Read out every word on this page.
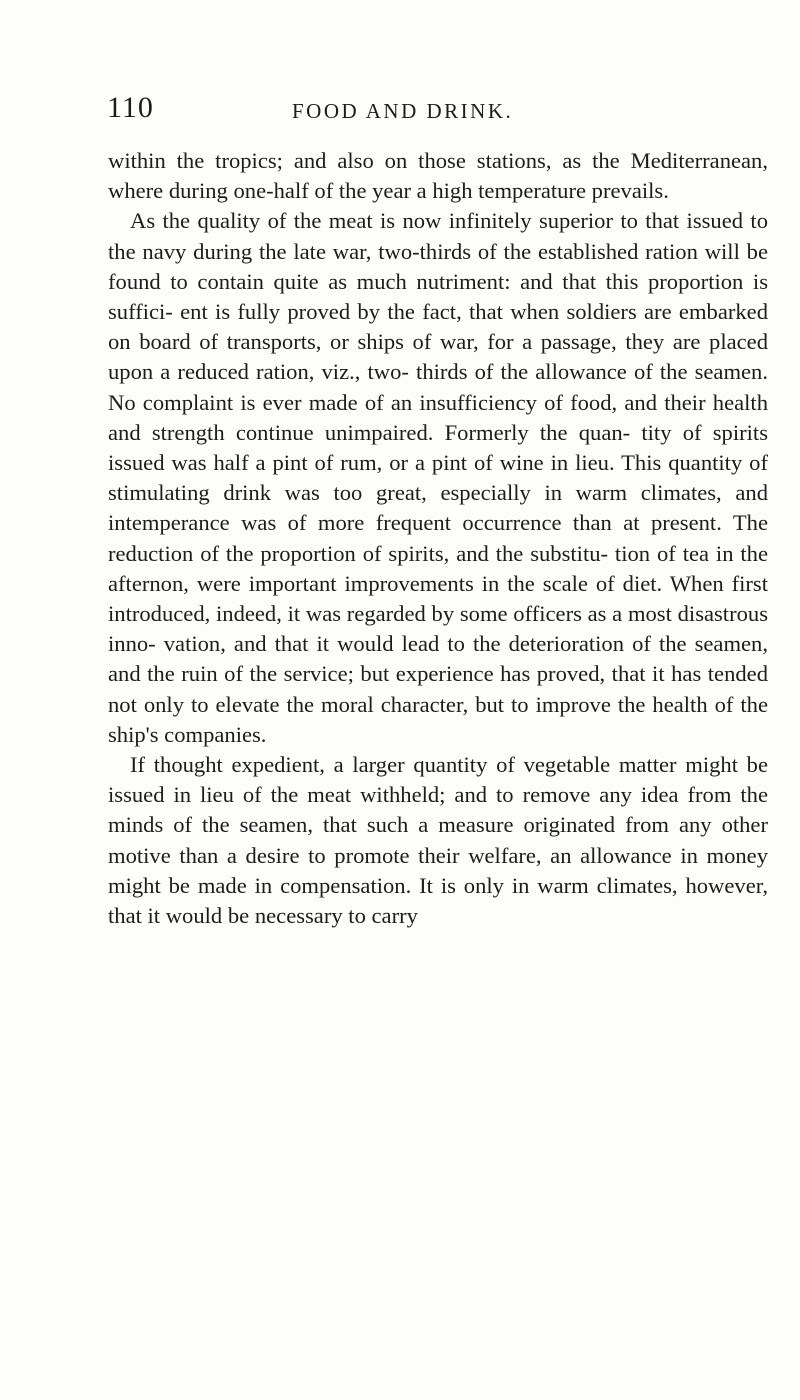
110	FOOD AND DRINK.

within the tropics; and also on those stations, as the Mediterranean, where during one-half of the year a high temperature prevails.

As the quality of the meat is now infinitely superior to that issued to the navy during the late war, two-thirds of the established ration will be found to contain quite as much nutriment: and that this proportion is suffici- ent is fully proved by the fact, that when soldiers are embarked on board of transports, or ships of war, for a passage, they are placed upon a reduced ration, viz., two- thirds of the allowance of the seamen. No complaint is ever made of an insufficiency of food, and their health and strength continue unimpaired. Formerly the quan- tity of spirits issued was half a pint of rum, or a pint of wine in lieu. This quantity of stimulating drink was too great, especially in warm climates, and intemperance was of more frequent occurrence than at present. The reduction of the proportion of spirits, and the substitu- tion of tea in the afternon, were important improvements in the scale of diet. When first introduced, indeed, it was regarded by some officers as a most disastrous inno- vation, and that it would lead to the deterioration of the seamen, and the ruin of the service; but experience has proved, that it has tended not only to elevate the moral character, but to improve the health of the ship's companies.

If thought expedient, a larger quantity of vegetable matter might be issued in lieu of the meat withheld; and to remove any idea from the minds of the seamen, that such a measure originated from any other motive than a desire to promote their welfare, an allowance in money might be made in compensation. It is only in warm climates, however, that it would be necessary to carry
